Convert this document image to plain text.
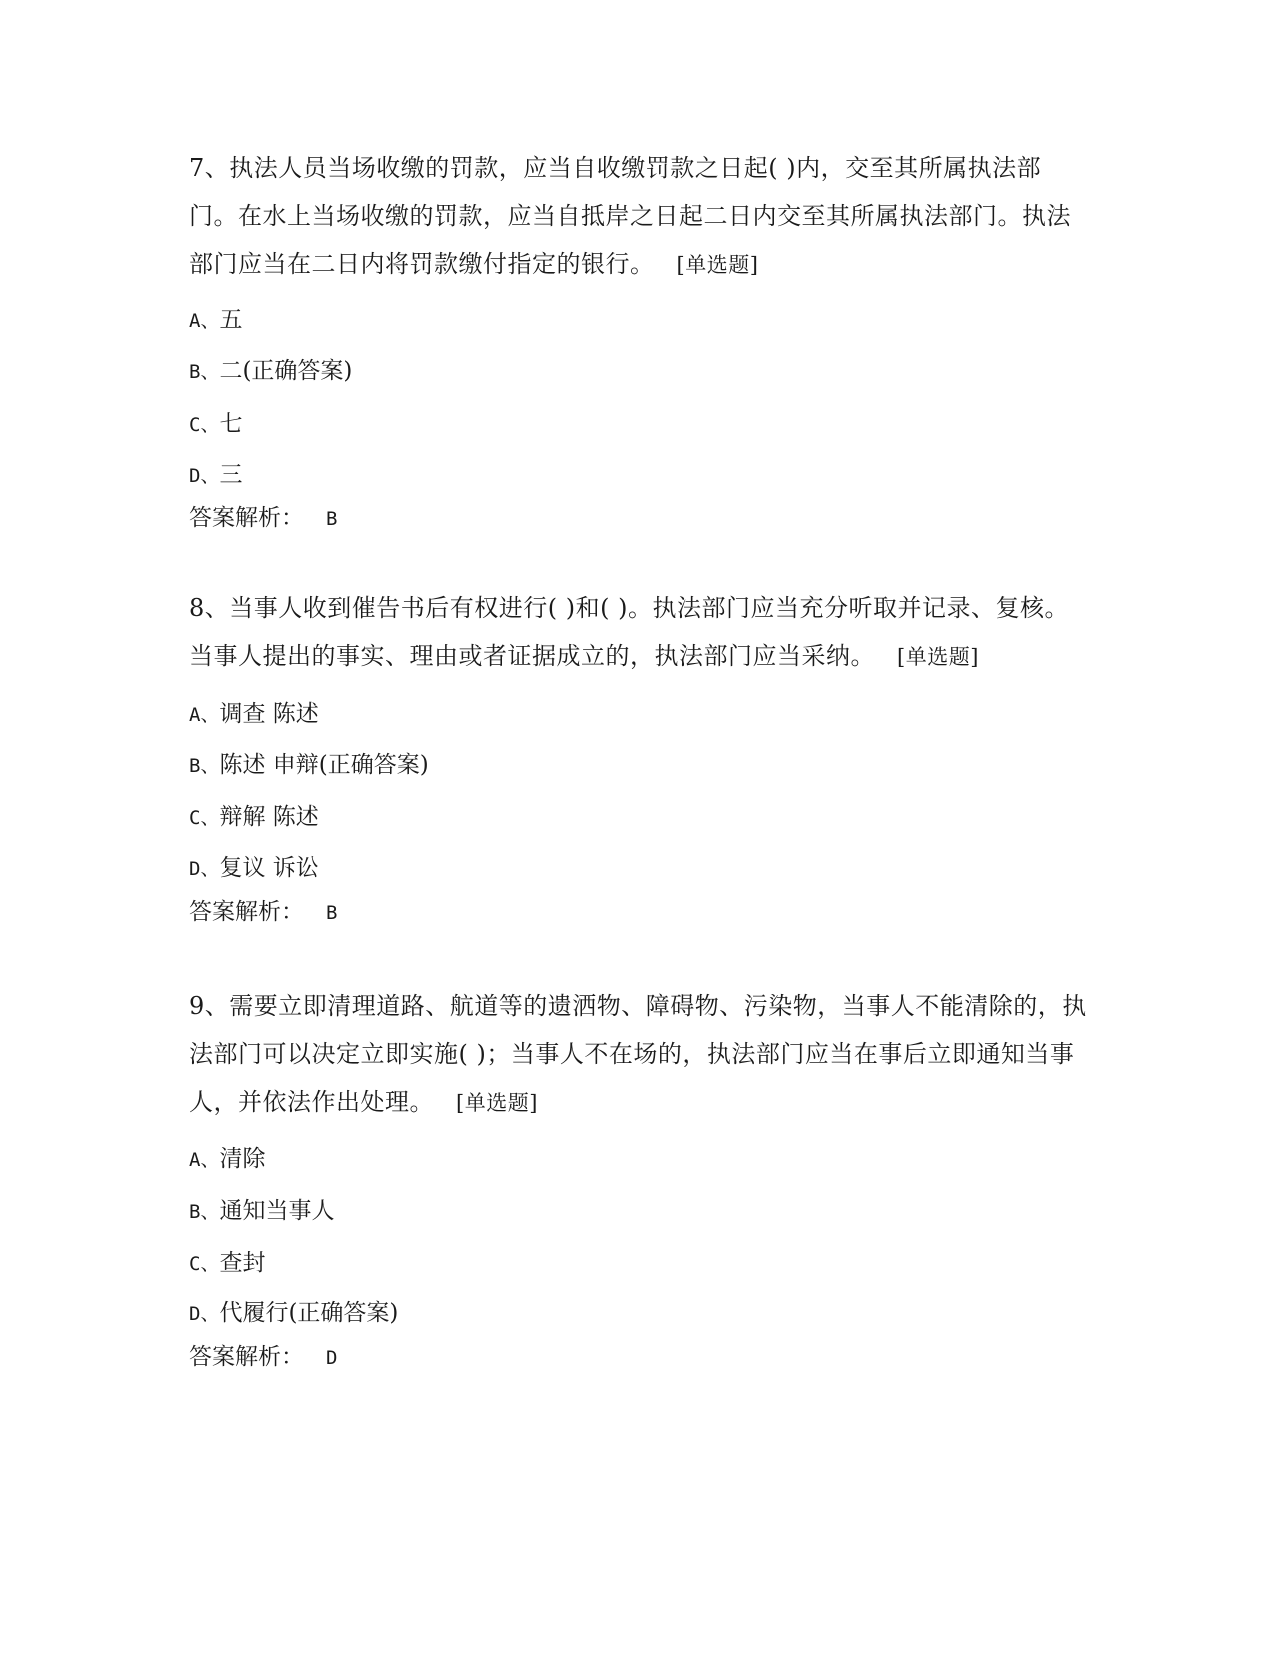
7、执法人员当场收缴的罚款，应当自收缴罚款之日起( )内，交至其所属执法部门。在水上当场收缴的罚款，应当自抵岸之日起二日内交至其所属执法部门。执法部门应当在二日内将罚款缴付指定的银行。 [单选题]

A、五

B、二(正确答案)

C、七

D、三

答案解析： B

8、当事人收到催告书后有权进行( )和( )。执法部门应当充分听取并记录、复核。当事人提出的事实、理由或者证据成立的，执法部门应当采纳。 [单选题]

A、调查 陈述

B、陈述 申辩(正确答案)

C、辩解 陈述

D、复议 诉讼

答案解析： B

9、需要立即清理道路、航道等的遗洒物、障碍物、污染物，当事人不能清除的，执法部门可以决定立即实施( )；当事人不在场的，执法部门应当在事后立即通知当事人，并依法作出处理。 [单选题]

A、清除

B、通知当事人

C、查封

D、代履行(正确答案)

答案解析： D
